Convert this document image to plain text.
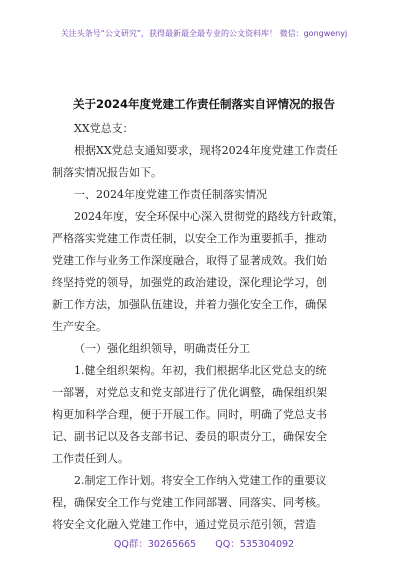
关注头条号“公文研究”，获得最新最全最专业的公文资料库！ 微信：gongwenyj
关于2024年度党建工作责任制落实自评情况的报告
XX党总支：
根据XX党总支通知要求，现将2024年度党建工作责任
制落实情况报告如下。
一、2024年度党建工作责任制落实情况
2024年度，安全环保中心深入贯彻党的路线方针政策，
严格落实党建工作责任制，以安全工作为重要抓手，推动
党建工作与业务工作深度融合，取得了显著成效。我们始
终坚持党的领导，加强党的政治建设，深化理论学习，创
新工作方法，加强队伍建设，并着力强化安全工作，确保
生产安全。
（一）强化组织领导，明确责任分工
1.健全组织架构。年初，我们根据华北区党总支的统
一部署，对党总支和党支部进行了优化调整，确保组织架
构更加科学合理，便于开展工作。同时，明确了党总支书
记、副书记以及各支部书记、委员的职责分工，确保安全
工作责任到人。
2.制定工作计划。将安全工作纳入党建工作的重要议
程，确保安全工作与党建工作同部署、同落实、同考核。
将安全文化融入党建工作中，通过党员示范引领，营造
QQ群：30265665 QQ：535304092
